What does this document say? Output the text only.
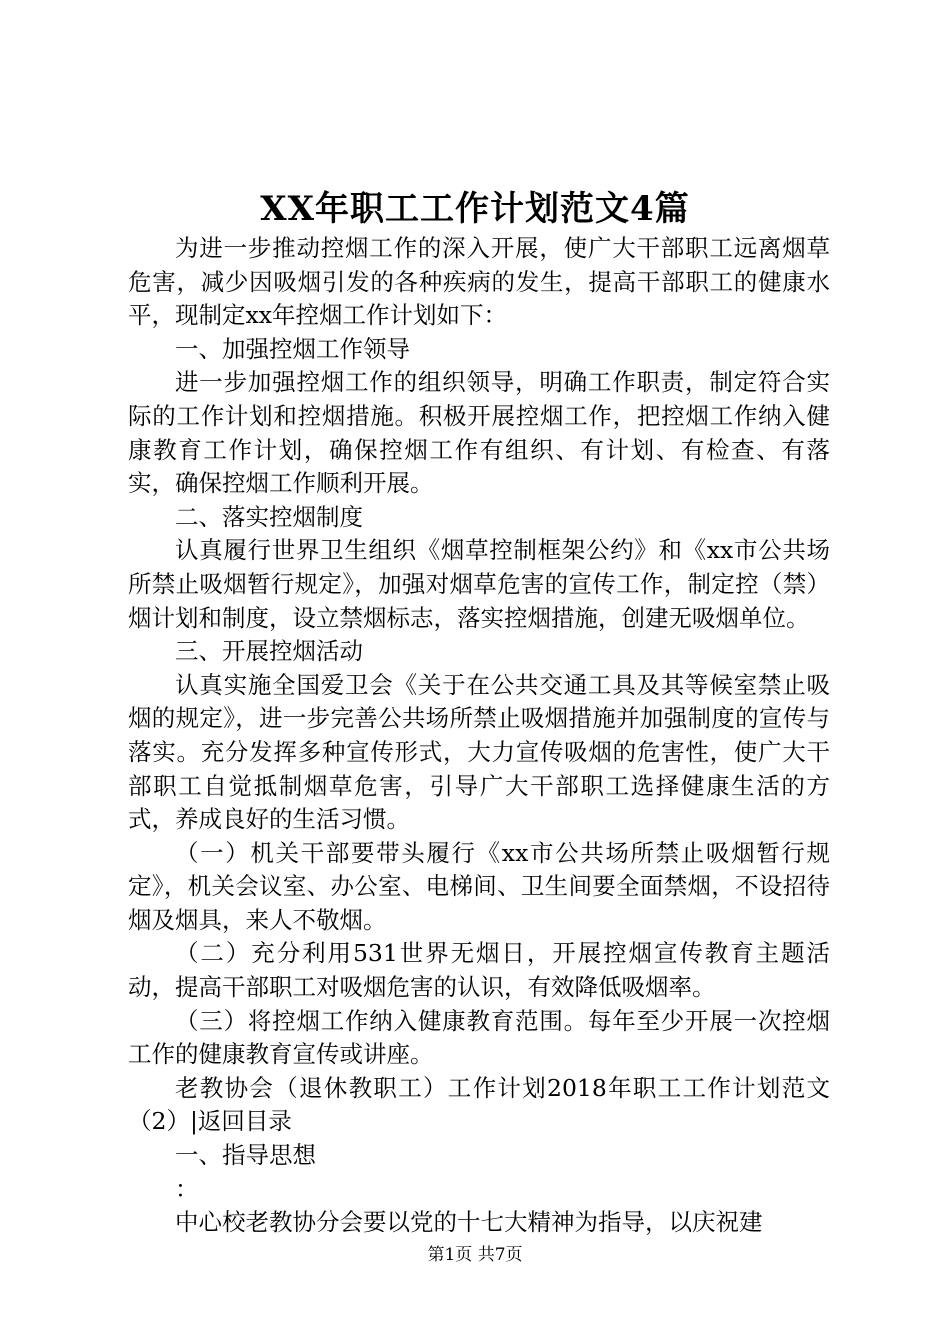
XX年职工工作计划范文4篇

为进一步推动控烟工作的深入开展，使广大干部职工远离烟草危害，减少因吸烟引发的各种疾病的发生，提高干部职工的健康水平，现制定xx年控烟工作计划如下：

一、加强控烟工作领导

进一步加强控烟工作的组织领导，明确工作职责，制定符合实际的工作计划和控烟措施。积极开展控烟工作，把控烟工作纳入健康教育工作计划，确保控烟工作有组织、有计划、有检查、有落实，确保控烟工作顺利开展。

二、落实控烟制度

认真履行世界卫生组织《烟草控制框架公约》和《xx市公共场所禁止吸烟暂行规定》，加强对烟草危害的宣传工作，制定控（禁）烟计划和制度，设立禁烟标志，落实控烟措施，创建无吸烟单位。

三、开展控烟活动

认真实施全国爱卫会《关于在公共交通工具及其等候室禁止吸烟的规定》，进一步完善公共场所禁止吸烟措施并加强制度的宣传与落实。充分发挥多种宣传形式，大力宣传吸烟的危害性，使广大干部职工自觉抵制烟草危害，引导广大干部职工选择健康生活的方式，养成良好的生活习惯。

（一）机关干部要带头履行《xx市公共场所禁止吸烟暂行规定》，机关会议室、办公室、电梯间、卫生间要全面禁烟，不设招待烟及烟具，来人不敬烟。

（二）充分利用531世界无烟日，开展控烟宣传教育主题活动，提高干部职工对吸烟危害的认识，有效降低吸烟率。

（三）将控烟工作纳入健康教育范围。每年至少开展一次控烟工作的健康教育宣传或讲座。

老教协会（退休教职工）工作计划2018年职工工作计划范文（2）|返回目录

一、指导思想

：

中心校老教协分会要以党的十七大精神为指导，以庆祝建

第1页 共7页
